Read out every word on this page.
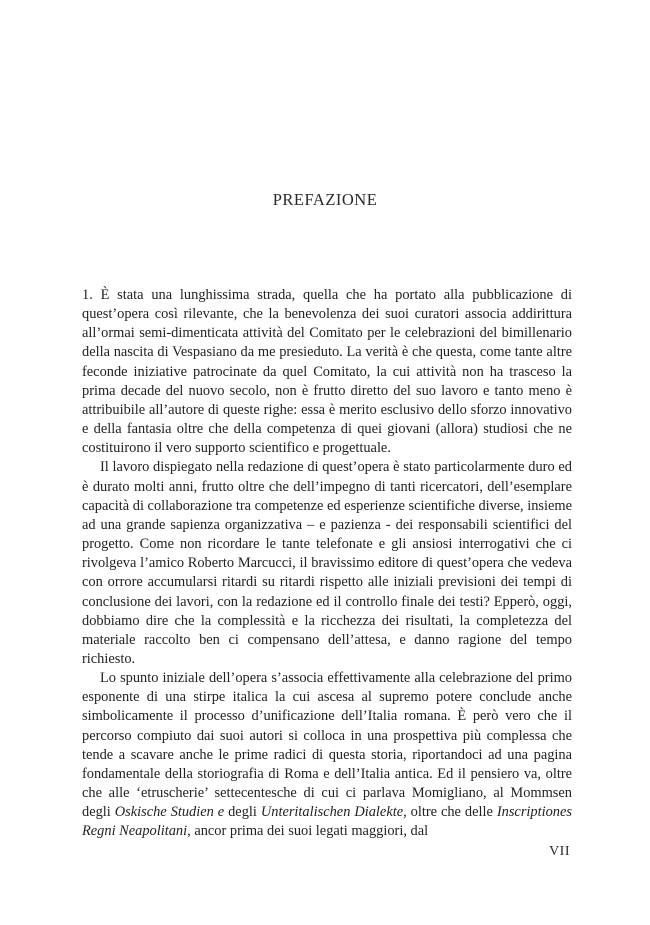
PREFAZIONE

1. È stata una lunghissima strada, quella che ha portato alla pubblicazione di quest’opera così rilevante, che la benevolenza dei suoi curatori associa addirittura all’ormai semi-dimenticata attività del Comitato per le celebrazioni del bimillenario della nascita di Vespasiano da me presieduto. La verità è che questa, come tante altre feconde iniziative patrocinate da quel Comitato, la cui attività non ha trasceso la prima decade del nuovo secolo, non è frutto diretto del suo lavoro e tanto meno è attribuibile all’autore di queste righe: essa è merito esclusivo dello sforzo innovativo e della fantasia oltre che della competenza di quei giovani (allora) studiosi che ne costituirono il vero supporto scientifico e progettuale.

Il lavoro dispiegato nella redazione di quest’opera è stato particolarmente duro ed è durato molti anni, frutto oltre che dell’impegno di tanti ricercatori, dell’esemplare capacità di collaborazione tra competenze ed esperienze scientifiche diverse, insieme ad una grande sapienza organizzativa – e pazienza - dei responsabili scientifici del progetto. Come non ricordare le tante telefonate e gli ansiosi interrogativi che ci rivolgeva l’amico Roberto Marcucci, il bravissimo editore di quest’opera che vedeva con orrore accumularsi ritardi su ritardi rispetto alle iniziali previsioni dei tempi di conclusione dei lavori, con la redazione ed il controllo finale dei testi? Epperò, oggi, dobbiamo dire che la complessità e la ricchezza dei risultati, la completezza del materiale raccolto ben ci compensano dell’attesa, e danno ragione del tempo richiesto.

Lo spunto iniziale dell’opera s’associa effettivamente alla celebrazione del primo esponente di una stirpe italica la cui ascesa al supremo potere conclude anche simbolicamente il processo d’unificazione dell’Italia romana. È però vero che il percorso compiuto dai suoi autori si colloca in una prospettiva più complessa che tende a scavare anche le prime radici di questa storia, riportandoci ad una pagina fondamentale della storiografia di Roma e dell’Italia antica. Ed il pensiero va, oltre che alle ‘etruscherie’ settecentesche di cui ci parlava Momigliano, al Mommsen degli Oskische Studien e degli Unteritalischen Dialekte, oltre che delle Inscriptiones Regni Neapolitani, ancor prima dei suoi legati maggiori, dal

VII
